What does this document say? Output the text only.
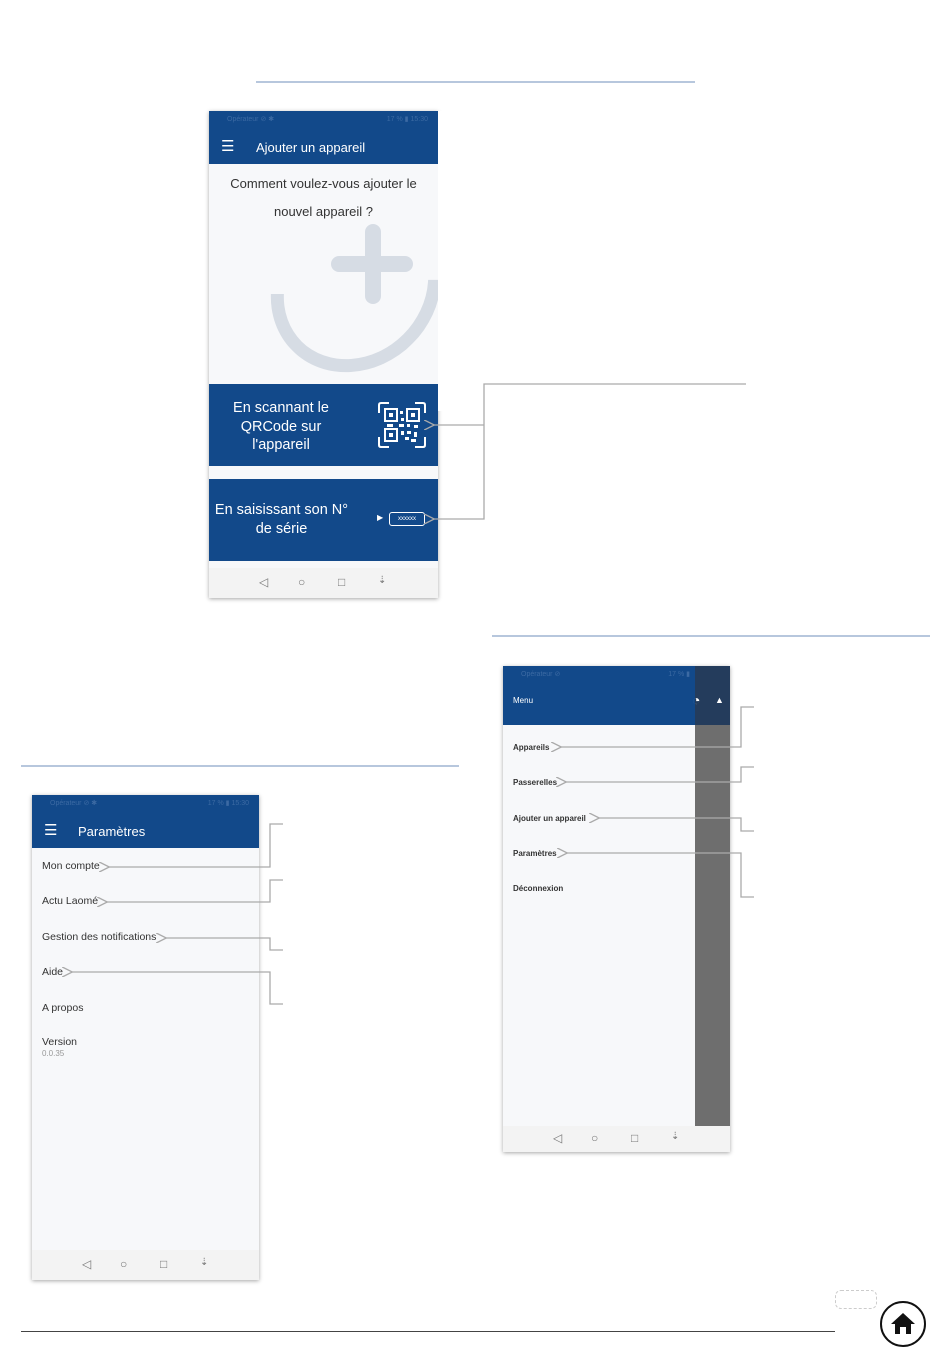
Opérateur ⊘ ✱	17 % ▮ 15:30
☰ Ajouter un appareil
Comment voulez-vous ajouter le nouvel appareil ?
En scannant le QRCode sur l'appareil
En saisissant son N° de série
▶	xxxxxx
◁ ○	□	⇣
Opérateur ⊘ ✱	17 % ▮ 15:30
☰ Paramètres
Mon compte
Actu Laomé
Gestion des notifications
Aide
A propos
Version
0.0.35
◁ ○	□	⇣
Opérateur ⊘	17 % ▮
Menu	◔ ▲
Appareils
Passerelles
Ajouter un appareil
Paramètres
Déconnexion
◁ ○	□	⇣
